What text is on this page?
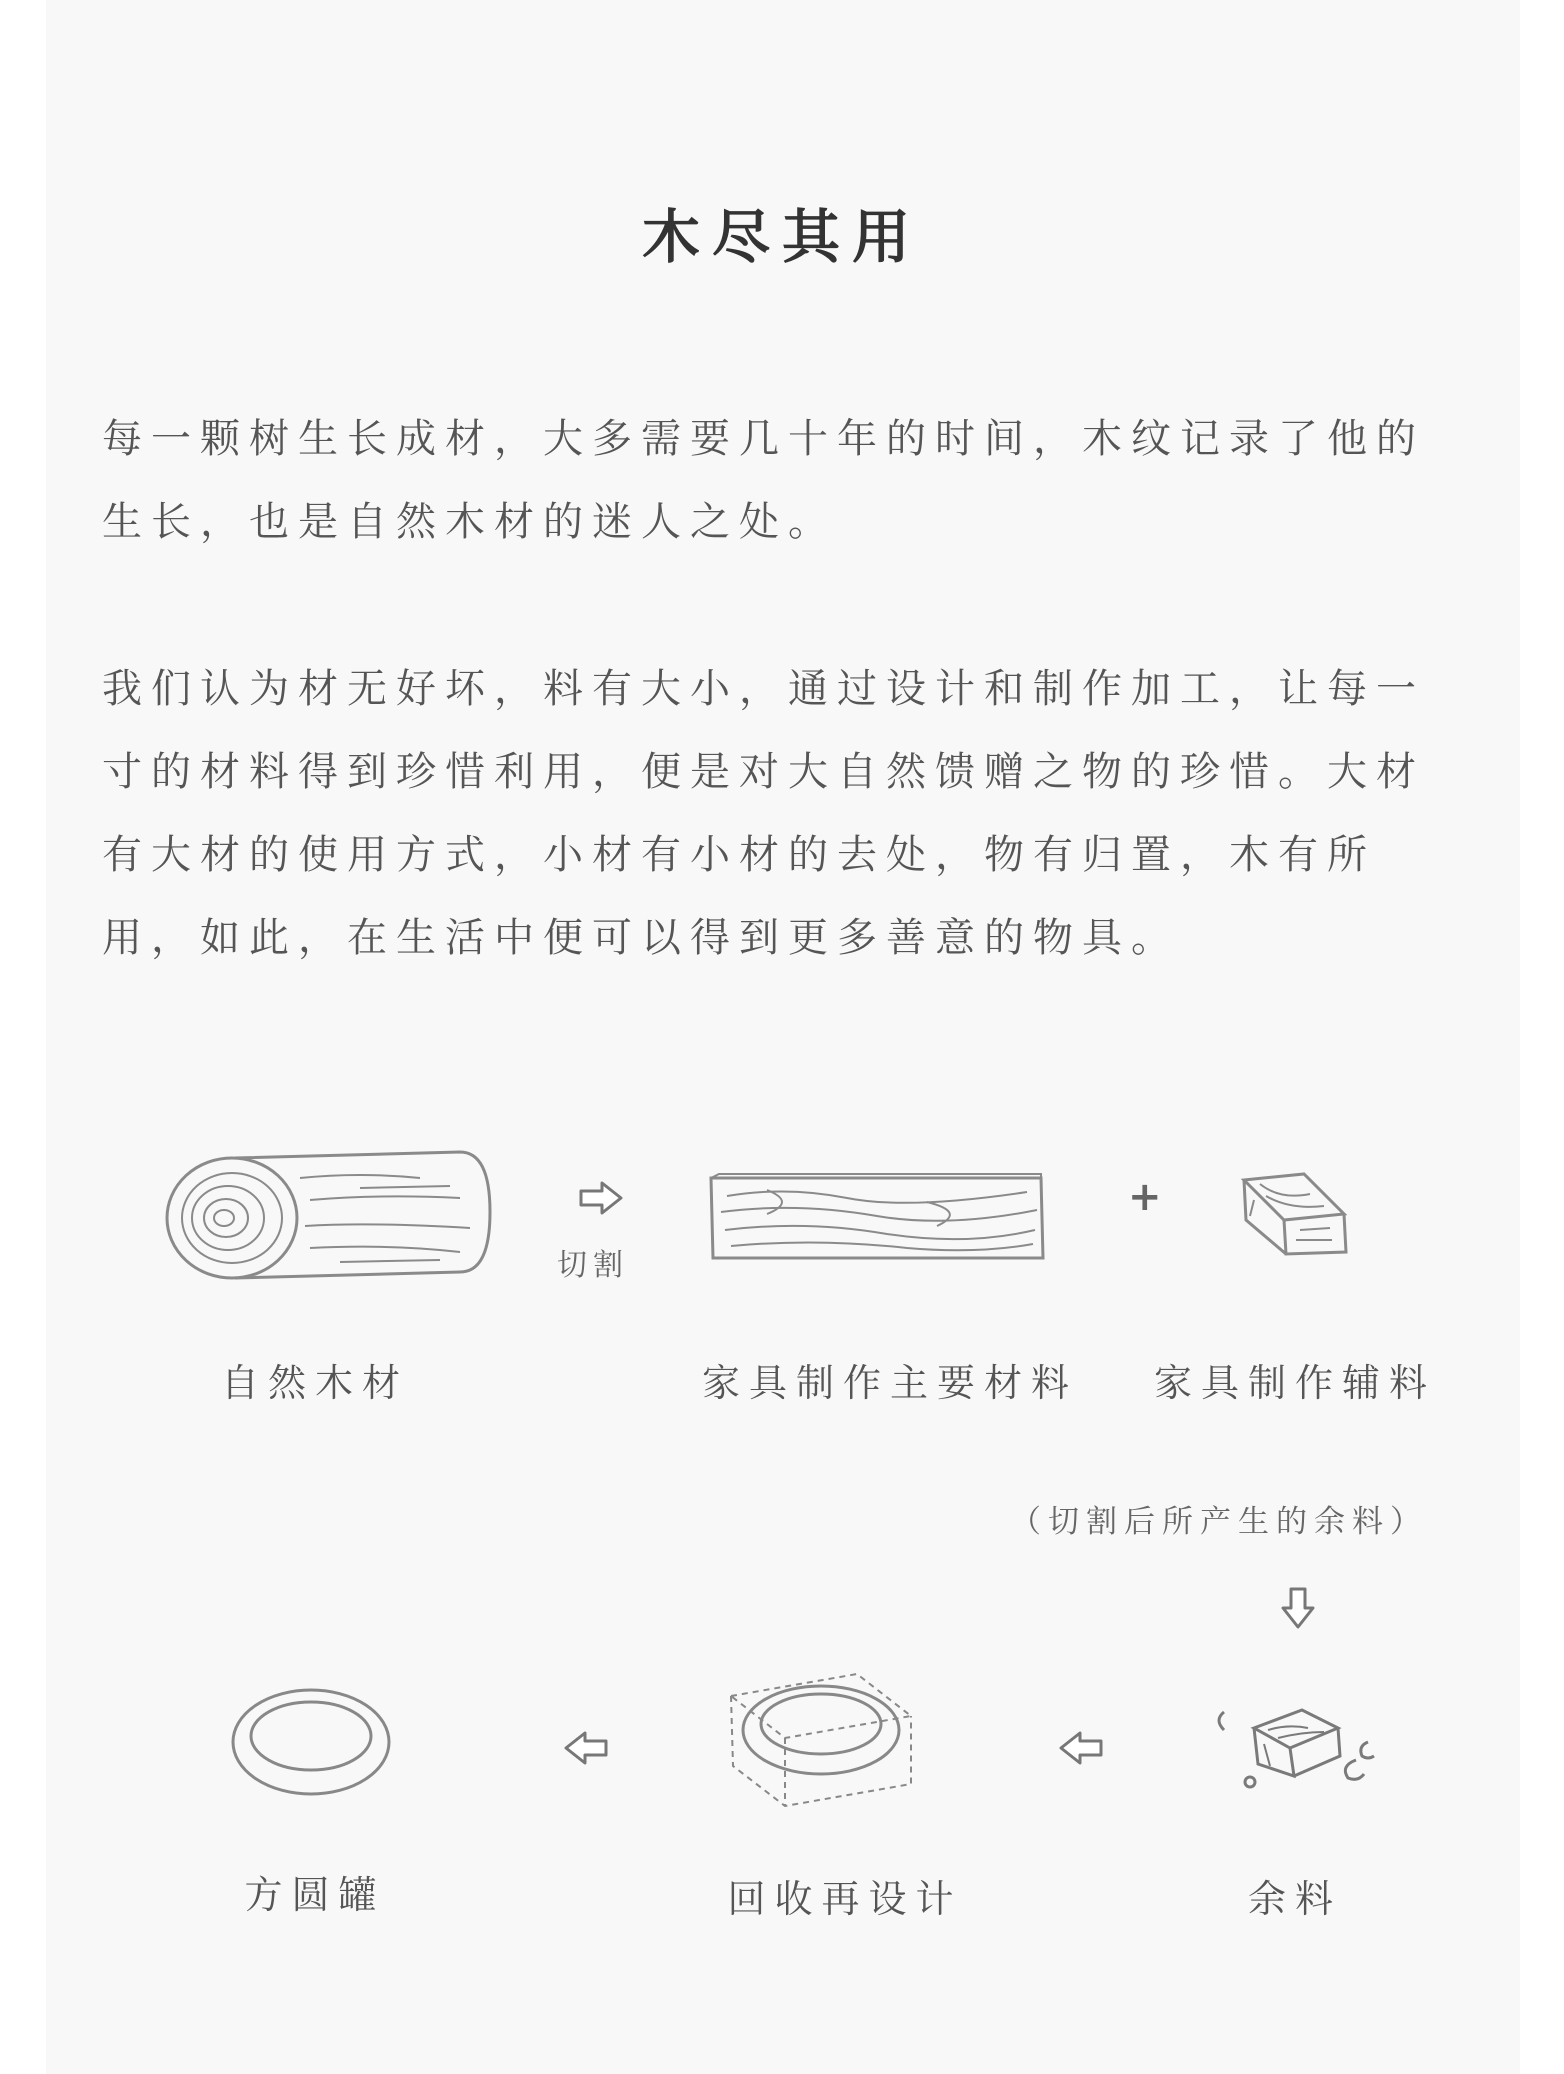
木尽其用
每一颗树生长成材，大多需要几十年的时间，木纹记录了他的生长，也是自然木材的迷人之处。
我们认为材无好坏，料有大小，通过设计和制作加工，让每一寸的材料得到珍惜利用，便是对大自然馈赠之物的珍惜。大材有大材的使用方式，小材有小材的去处，物有归置，木有所用，如此，在生活中便可以得到更多善意的物具。
切割
+
自然木材	家具制作主要材料 家具制作辅料
（切割后所产生的余料）
余料
回收再设计
方圆罐
